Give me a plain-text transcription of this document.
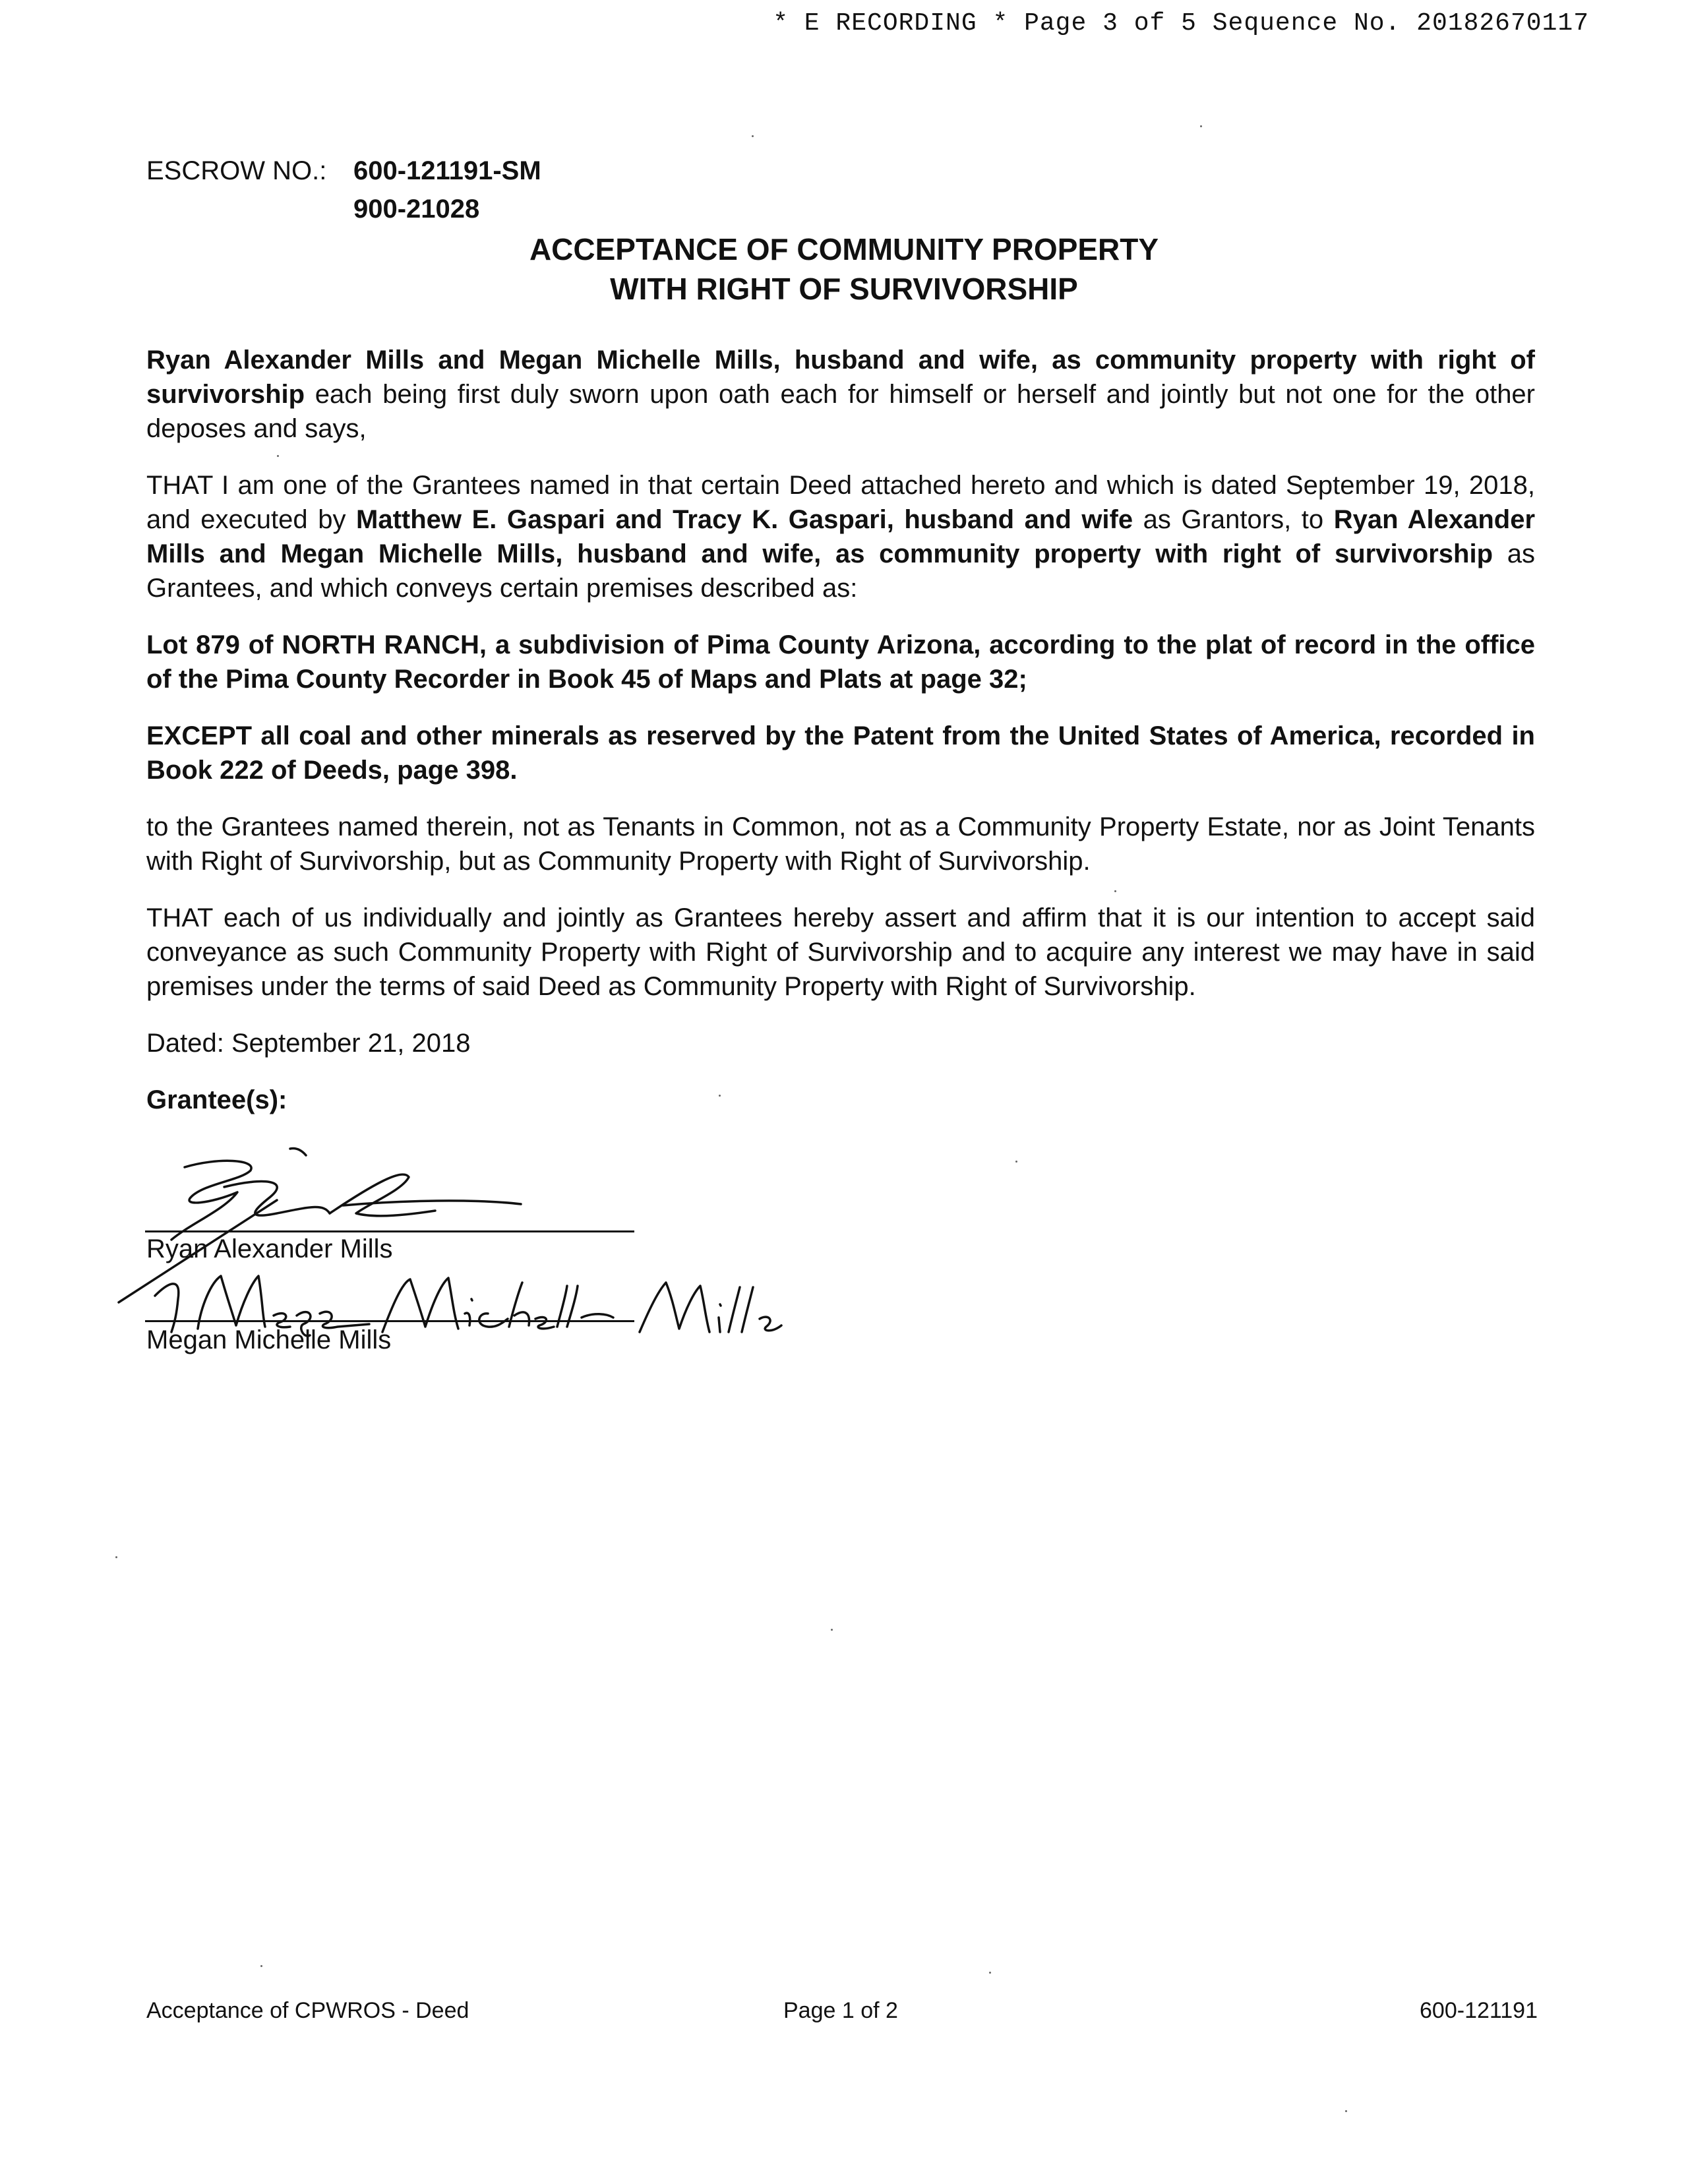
* E RECORDING * Page 3 of 5 Sequence No. 20182670117
ESCROW NO.: 600-121191-SM
900-21028
ACCEPTANCE OF COMMUNITY PROPERTY
WITH RIGHT OF SURVIVORSHIP

Ryan Alexander Mills and Megan Michelle Mills, husband and wife, as community property with right of survivorship each being first duly sworn upon oath each for himself or herself and jointly but not one for the other deposes and says,

THAT I am one of the Grantees named in that certain Deed attached hereto and which is dated September 19, 2018, and executed by Matthew E. Gaspari and Tracy K. Gaspari, husband and wife as Grantors, to Ryan Alexander Mills and Megan Michelle Mills, husband and wife, as community property with right of survivorship as Grantees, and which conveys certain premises described as:

Lot 879 of NORTH RANCH, a subdivision of Pima County Arizona, according to the plat of record in the office of the Pima County Recorder in Book 45 of Maps and Plats at page 32;

EXCEPT all coal and other minerals as reserved by the Patent from the United States of America, recorded in Book 222 of Deeds, page 398.

to the Grantees named therein, not as Tenants in Common, not as a Community Property Estate, nor as Joint Tenants with Right of Survivorship, but as Community Property with Right of Survivorship.

THAT each of us individually and jointly as Grantees hereby assert and affirm that it is our intention to accept said conveyance as such Community Property with Right of Survivorship and to acquire any interest we may have in said premises under the terms of said Deed as Community Property with Right of Survivorship.

Dated: September 21, 2018

Grantee(s):

Ryan Alexander Mills
Megan Michelle Mills
Acceptance of CPWROS - Deed	Page 1 of 2	600-121191
